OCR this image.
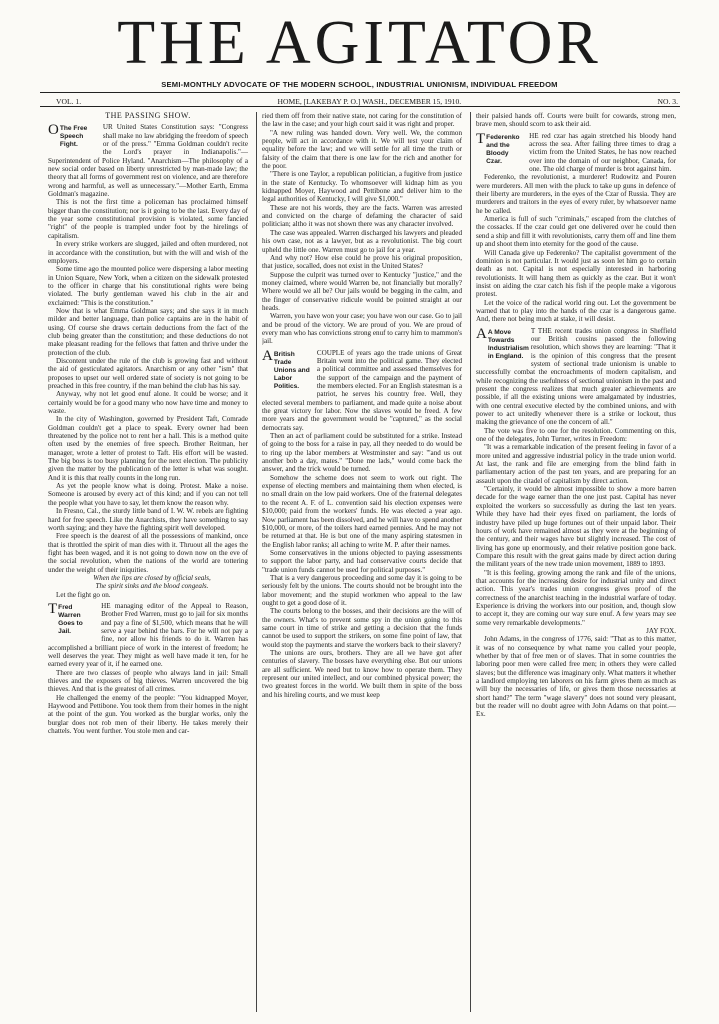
THE AGITATOR
SEMI-MONTHLY ADVOCATE OF THE MODERN SCHOOL, INDUSTRIAL UNIONISM, INDIVIDUAL FREEDOM
VOL. 1.	HOME, [LAKEBAY P. O.] WASH., DECEMBER 15, 1910.	NO. 3.
THE PASSING SHOW.

O The Free Speech Fight.
UR United States Constitution says: "Congress shall make no law abridging the freedom of speech or of the press." "Emma Goldman couldn't recite the Lord's prayer in Indianapolis."—Superintendent of Police Hyland. "Anarchism—The philosophy of a new social order based on liberty unrestricted by man-made law; the theory that all forms of government rest on violence, and are therefore wrong and harmful, as well as unnecessary."—Mother Earth, Emma Goldman's magazine.

This is not the first time a policeman has proclaimed himself bigger than the constitution; nor is it going to be the last. Every day of the year some constitutional provision is violated, some fancied "right" of the people is trampled under foot by the hirelings of capitalism.

In every strike workers are slugged, jailed and often murdered, not in accordance with the constitution, but with the will and wish of the employers.

Some time ago the mounted police were dispersing a labor meeting in Union Square, New York, when a citizen on the sidewalk protested to the officer in charge that his constitutional rights were being violated. The burly gentleman waved his club in the air and exclaimed: "This is the constitution."

Now that is what Emma Goldman says; and she says it in much milder and better language, than police captains are in the habit of using. Of course she draws certain deductions from the fact of the club being greater than the constitution; and these deductions do not make pleasant reading for the fellows that fatten and thrive under the protection of the club.

Discontent under the rule of the club is growing fast and without the aid of gesticulated agitators. Anarchism or any other "ism" that proposes to upset our well ordered state of society is not going to be preached in this free country, if the man behind the club has his say.

Anyway, why not let good enuf alone. It could be worse; and it certainly would be for a good many who now have time and money to waste.

In the city of Washington, governed by President Taft, Comrade Goldman couldn't get a place to speak. Every owner had been threatened by the police not to rent her a hall. This is a method quite often used by the enemies of free speech. Brother Reitman, her manager, wrote a letter of protest to Taft. His effort will be wasted. The big boss is too busy planning for the next election. The publicity given the matter by the publication of the letter is what was sought. And it is this that really counts in the long run.

As yet the people know what is doing. Protest. Make a noise. Someone is aroused by every act of this kind; and if you can not tell the people what you have to say, let them know the reason why.

In Fresno, Cal., the sturdy little band of I. W. W. rebels are fighting hard for free speech. Like the Anarchists, they have something to say worth saying; and they have the fighting spirit well developed.

Free speech is the dearest of all the possessions of mankind, once that is throttled the spirit of man dies with it. Thruout all the ages the fight has been waged, and it is not going to down now on the eve of the social revolution, when the nations of the world are tottering under the weight of their iniquities.

When the lips are closed by official seals,

The spirit sinks and the blood congeals.

Let the fight go on.

T Fred Warren Goes to Jail.
HE managing editor of the Appeal to Reason, Brother Fred Warren, must go to jail for six months and pay a fine of $1,500, which means that he will serve a year behind the bars. For he will not pay a fine, nor allow his friends to do it. Warren has accomplished a brilliant piece of work in the interest of freedom; he well deserves the year. They might as well have made it ten, for he earned every year of it, if he earned one.

There are two classes of people who always land in jail: Small thieves and the exposers of big thieves. Warren uncovered the big thieves. And that is the greatest of all crimes.

He challenged the enemy of the people: "You kidnapped Moyer, Haywood and Pettibone. You took them from their homes in the night at the point of the gun. You worked as the burglar works, only the burglar does not rob men of their liberty. He takes merely their chattels. You went further. You stole men and car-

ried them off from their native state, not caring for the constitution of the law in the case; and your high court said it was right and proper.

"A new ruling was handed down. Very well. We, the common people, will act in accordance with it. We will test your claim of equality before the law; and we will settle for all time the truth or falsity of the claim that there is one law for the rich and another for the poor.

"There is one Taylor, a republican politician, a fugitive from justice in the state of Kentucky. To whomsoever will kidnap him as you kidnapped Moyer, Haywood and Pettibone and deliver him to the legal authorities of Kentucky, I will give $1,000."

These are not his words, they are the facts. Warren was arrested and convicted on the charge of defaming the character of said politician; altho it was not shown there was any character involved.

The case was appealed. Warren discharged his lawyers and pleaded his own case, not as a lawyer, but as a revolutionist. The big court upheld the little one. Warren must go to jail for a year.

And why not? How else could he prove his original proposition, that justice, socalled, does not exist in the United States?

Suppose the culprit was turned over to Kentucky "justice," and the money claimed, where would Warren be, not financially but morally? Where would we all be? Our jails would be begging in the calm, and the finger of conservative ridicule would be pointed straight at our heads.

Warren, you have won your case; you have won our case. Go to jail and be proud of the victory. We are proud of you. We are proud of every man who has convictions strong enuf to carry him to mammon's jail.

A British Trade Unions and Labor Politics.
COUPLE of years ago the trade unions of Great Britain went into the political game. They elected a political committee and assessed themselves for the support of the campaign and the payment of the members elected. For an English statesman is a patriot, he serves his country free. Well, they elected several members to parliament, and made quite a noise about the great victory for labor. Now the slaves would be freed. A few more years and the government would be "captured," as the social democrats say.

Then an act of parliament could be substituted for a strike. Instead of going to the boss for a raise in pay, all they needed to do would be to ring up the labor members at Westminster and say: "'and us out another bob a day, mates." "Done me lads," would come back the answer, and the trick would be turned.

Somehow the scheme does not seem to work out right. The expense of electing members and maintaining them when elected, is no small drain on the low paid workers. One of the fraternal delegates to the recent A. F. of L. convention said his election expenses were $10,000; paid from the workers' funds. He was elected a year ago. Now parliament has been dissolved, and he will have to spend another $10,000, or more, of the toilers hard earned pennies. And he may not be returned at that. He is but one of the many aspiring statesmen in the English labor ranks; all aching to write M. P. after their names.

Some conservatives in the unions objected to paying assessments to support the labor party, and had conservative courts decide that "trade union funds cannot be used for political purposes."

That is a very dangerous proceeding and some day it is going to be seriously felt by the unions. The courts should not be brought into the labor movement; and the stupid workmen who appeal to the law ought to get a good dose of it.

The courts belong to the bosses, and their decisions are the will of the owners. What's to prevent some spy in the union going to this same court in time of strike and getting a decision that the funds cannot be used to support the strikers, on some fine point of law, that would stop the payments and starve the workers back to their slavery?

The unions are ours, brothers. They are all we have got after centuries of slavery. The bosses have everything else. But our unions are all sufficient. We need but to know how to operate them. They represent our united intellect, and our combined physical power; the two greatest forces in the world. We built them in spite of the boss and his hireling courts, and we must keep

their palsied hands off. Courts were built for cowards, strong men, brave men, should scorn to ask their aid.

T Federenko and the Bloody Czar.
HE red czar has again stretched his bloody hand across the sea. After failing three times to drag a victim from the United States, he has now reached over into the domain of our neighbor, Canada, for one. The old charge of murder is brot against him.

Federenko, the revolutionist, a murderer! Rudowitz and Pouren were murderers. All men with the pluck to take up guns in defence of their liberty are murderers, in the eyes of the Czar of Russia. They are murderers and traitors in the eyes of every ruler, by whatsoever name he be called.

America is full of such "criminals," escaped from the clutches of the cossacks. If the czar could get one delivered over he could then send a ship and fill it with revolutionists, carry them off and line them up and shoot them into eternity for the good of the cause.

Will Canada give up Federenko? The capitalist government of the dominion is not particular. It would just as soon let him go to certain death as not. Capital is not especially interested in harboring revolutionists. It will hang them as quickly as the czar. But it won't insist on aiding the czar catch his fish if the people make a vigorous protest.

Let the voice of the radical world ring out. Let the government be warned that to play into the hands of the czar is a dangerous game. And, there not being much at stake, it will desist.

A A Move Towards Industrialism in England.
T THE recent trades union congress in Sheffield our British cousins passed the following resolution, which shows they are learning: "That it is the opinion of this congress that the present system of sectional trade unionism is unable to successfully combat the encroachments of modern capitalism, and while recognizing the usefulness of sectional unionism in the past and present the congress realizes that much greater achievements are possible, if all the existing unions were amalgamated by industries, with one central executive elected by the combined unions, and with power to act unitedly whenever there is a strike or lockout, thus making the grievance of one the concern of all."

The vote was five to one for the resolution. Commenting on this, one of the delegates, John Turner, writes in Freedom:

"It was a remarkable indication of the present feeling in favor of a more united and aggressive industrial policy in the trade union world. At last, the rank and file are emerging from the blind faith in parliamentary action of the past ten years, and are preparing for an assault upon the citadel of capitalism by direct action.

"Certainly, it would be almost impossible to show a more barren decade for the wage earner than the one just past. Capital has never exploited the workers so successfully as during the last ten years. While they have had their eyes fixed on parliament, the lords of industry have piled up huge fortunes out of their unpaid labor. Their hours of work have remained almost as they were at the beginning of the century, and their wages have but slightly increased. The cost of living has gone up enormously, and their relative position gone back. Compare this result with the great gains made by direct action during the militant years of the new trade union movement, 1889 to 1893.

"It is this feeling, growing among the rank and file of the unions, that accounts for the increasing desire for industrial unity and direct action. This year's trades union congress gives proof of the correctness of the anarchist teaching in the industrial warfare of today. Experience is driving the workers into our position, and, though slow to accept it, they are coming our way sure enuf. A few years may see some very remarkable developments."

JAY FOX.

John Adams, in the congress of 1776, said: "That as to this matter, it was of no consequence by what name you called your people, whether by that of free men or of slaves. That in some countries the laboring poor men were called free men; in others they were called slaves; but the difference was imaginary only. What matters it whether a landlord employing ten laborers on his farm gives them as much as will buy the necessaries of life, or gives them those necessaries at short hand?" The term "wage slavery" does not sound very pleasant, but the reader will no doubt agree with John Adams on that point.—Ex.
